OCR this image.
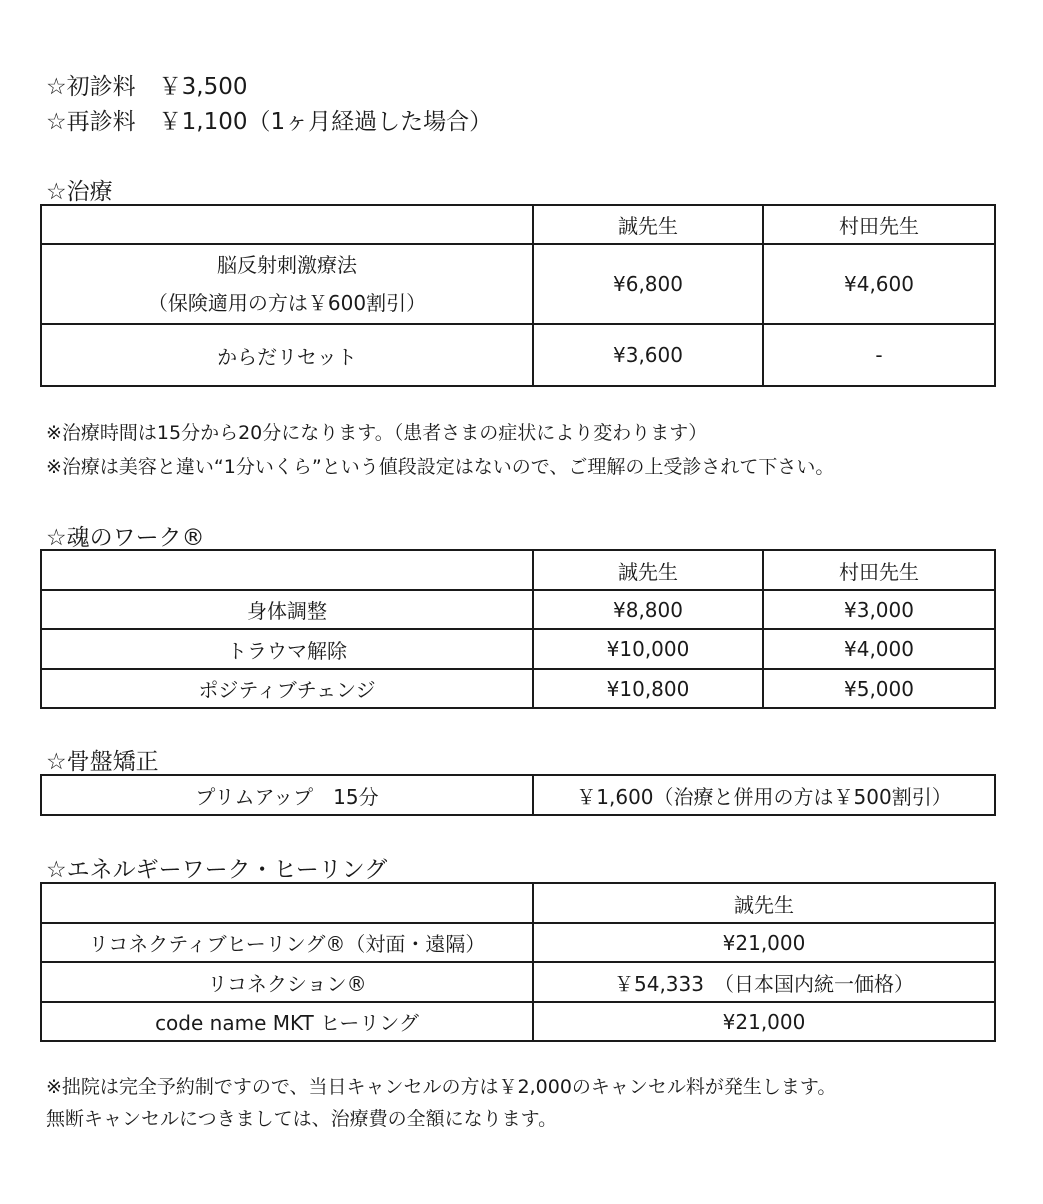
☆初診料　￥3,500
☆再診料　￥1,100（1ヶ月経過した場合）
☆治療
	誠先生	村田先生

脳反射刺激療法
（保険適用の方は￥600割引）	¥6,800	¥4,600
からだリセット	¥3,600	-
※治療時間は15分から20分になります。（患者さまの症状により変わります）
※治療は美容と違い“1分いくら”という値段設定はないので、ご理解の上受診されて下さい。
☆魂のワーク®
	誠先生	村田先生
身体調整	¥8,800	¥3,000
トラウマ解除	¥10,000	¥4,000
ポジティブチェンジ	¥10,800	¥5,000
☆骨盤矯正
プリムアップ　15分	￥1,600（治療と併用の方は￥500割引）
☆エネルギーワーク・ヒーリング
	誠先生
リコネクティブヒーリング®（対面・遠隔）	¥21,000
リコネクション®	￥54,333　（日本国内統一価格）
code name MKT ヒーリング	¥21,000
※拙院は完全予約制ですので、当日キャンセルの方は￥2,000のキャンセル料が発生します。
無断キャンセルにつきましては、治療費の全額になります。
